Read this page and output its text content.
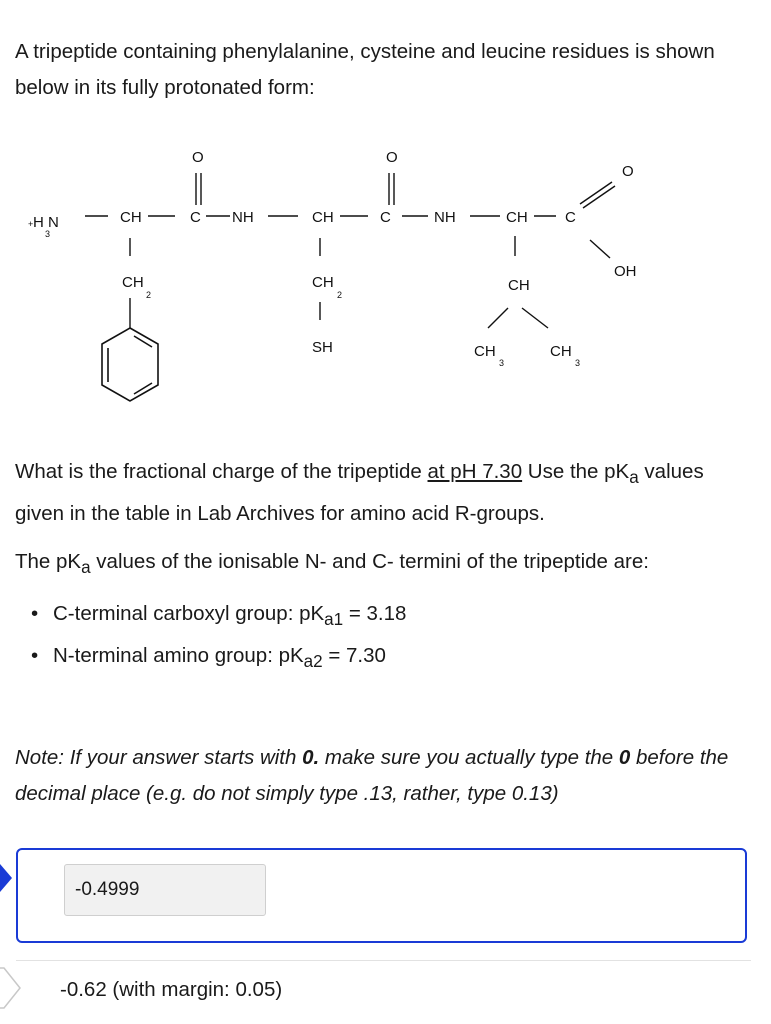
A tripeptide containing phenylalanine, cysteine and leucine residues is shown below in its fully protonated form:

+ H N
3
CH	C
O
NH
CH
2
CH	C
O
NH
CH
2
SH
CH C
O
OH
CH
CH
3
CH
3

What is the fractional charge of the tripeptide at pH 7.30 Use the $pK_a$ values given in the table in Lab Archives for amino acid R-groups.

The $pK_a$ values of the ionisable N- and C- termini of the tripeptide are:

• C-terminal carboxyl group: $pK_{a1} = 3.18$
• N-terminal amino group: $pK_{a2} = 7.30$

Note: If your answer starts with 0. make sure you actually type the 0 before the decimal place (e.g. do not simply type .13, rather, type 0.13)

-0.4999
-0.62 (with margin: 0.05)
